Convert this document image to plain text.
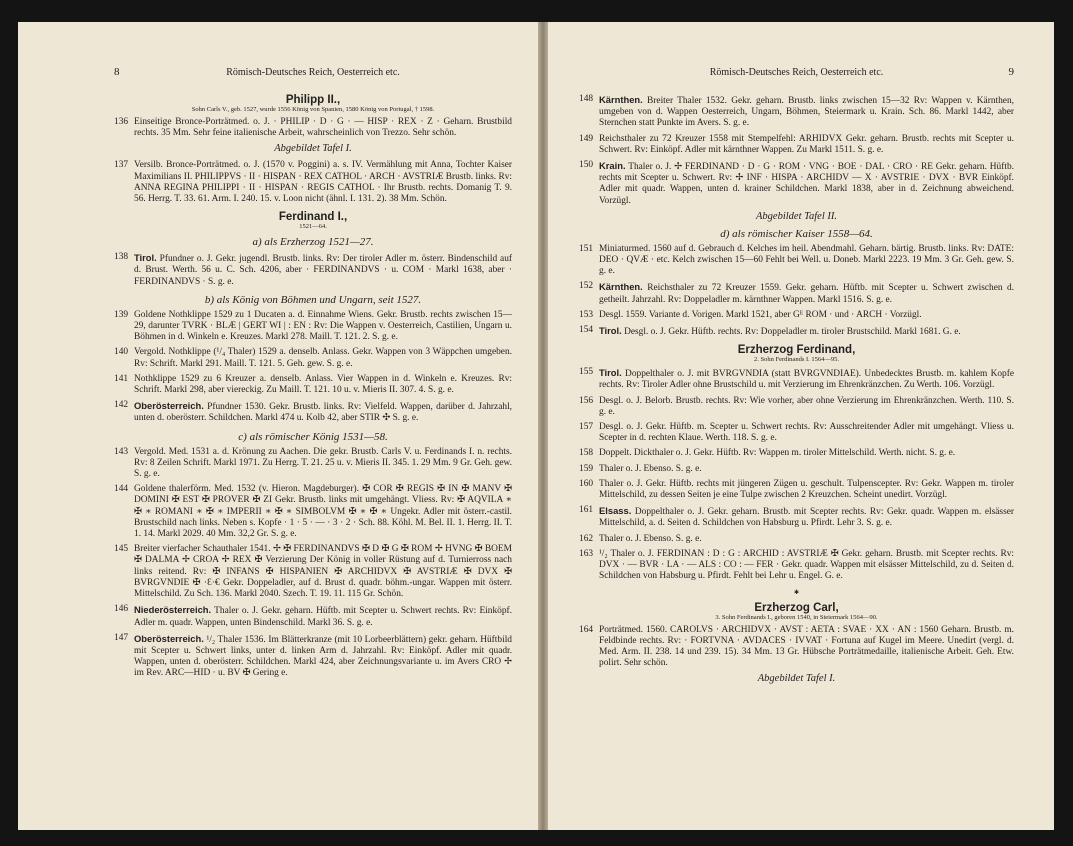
8	Römisch-Deutsches Reich, Oesterreich etc.
Philipp II.,
Sohn Carls V., geb. 1527, wurde 1556 König von Spanien, 1580 König von Portugal, † 1598.
136 Einseitige Bronce-Porträtmed. o. J. · PHILIP · D · G · — HISP · REX · Z · Geharn. Brustbild rechts. 35 Mm. Sehr feine italienische Arbeit, wahrscheinlich von Trezzo. Sehr schön.
Abgebildet Tafel I.
137 Versilb. Bronce-Porträtmed. o. J. (1570 v. Poggini) a. s. IV. Vermählung mit Anna, Tochter Kaiser Maximilians II. PHILIPPVS · II · HISPAN · REX CATHOL · ARCH · AVSTRIÆ Brustb. links. Rv: ANNA REGINA PHILIPPI · II · HISPAN · REGIS CATHOL · Ihr Brustb. rechts. Domanig T. 9. 56. Herrg. T. 33. 61. Arm. I. 240. 15. v. Loon nicht (ähnl. I. 131. 2). 38 Mm. Schön.
Ferdinand I.,
1521—64.
a) als Erzherzog 1521—27.
138 Tirol. Pfundner o. J. Gekr. jugendl. Brustb. links. Rv: Der tiroler Adler m. österr. Bindenschild auf d. Brust. Werth. 56 u. C. Sch. 4206, aber · FERDINANDVS · u. COM · Markl 1638, aber · FERDINANDVS · S. g. e.
b) als König von Böhmen und Ungarn, seit 1527.
139 Goldene Nothklippe 1529 zu 1 Ducaten a. d. Einnahme Wiens. Gekr. Brustb. rechts zwischen 15—29, darunter TVRK · BLÆ | GERT WI | : EN : Rv: Die Wappen v. Oesterreich, Castilien, Ungarn u. Böhmen in d. Winkeln e. Kreuzes. Markl 278. Maill. T. 121. 2. S. g. e.
140 Vergold. Nothklippe (¹/₄ Thaler) 1529 a. denselb. Anlass. Gekr. Wappen von 3 Wäppchen umgeben. Rv: Schrift. Markl 291. Maill. T. 121. 5. Geh. gew. S. g. e.
141 Nothklippe 1529 zu 6 Kreuzer a. denselb. Anlass. Vier Wappen in d. Winkeln e. Kreuzes. Rv: Schrift. Markl 298, aber viereckig. Zu Maill. T. 121. 10 u. v. Mieris II. 307. 4. S. g. e.
142 Oberösterreich. Pfundner 1530. Gekr. Brustb. links. Rv: Vielfeld. Wappen, darüber d. Jahrzahl, unten d. oberösterr. Schildchen. Markl 474 u. Kolb 42, aber STIR ✣ S. g. e.
c) als römischer König 1531—58.
143 Vergold. Med. 1531 a. d. Krönung zu Aachen. Die gekr. Brustb. Carls V. u. Ferdinands I. n. rechts. Rv: 8 Zeilen Schrift. Markl 1971. Zu Herrg. T. 21. 25 u. v. Mieris II. 345. 1. 29 Mm. 9 Gr. Geh. gew. S. g. e.
144 Goldene thalerförm. Med. 1532 (v. Hieron. Magdeburger). ✠ COR ✠ REGIS ✠ IN ✠ MANV ✠ DOMINI ✠ EST ✠ PROVER ✠ ZI Gekr. Brustb. links mit umgehängt. Vliess. Rv: ✠ AQVILA ∗ ✠ ∗ ROMANI ∗ ✠ ∗ IMPERII ∗ ✠ ∗ SIMBOLVM ✠ ∗ ✠ ∗ Ungekr. Adler mit österr.-castil. Brustschild nach links. Neben s. Kopfe · 1 · 5 · — · 3 · 2 · Sch. 88. Köhl. M. Bel. II. 1. Herrg. II. T. 1. 14. Markl 2029. 40 Mm. 32,2 Gr. S. g. e.
145 Breiter vierfacher Schauthaler 1541. ✢ ✠ FERDINANDVS ✠ D ✠ G ✠ ROM ✢ HVNG ✠ BOEM ✠ DALMA ✢ CROA ✢ REX ✠ Verzierung Der König in voller Rüstung auf d. Turnierross nach links reitend. Rv: ✠ INFANS ✠ HISPANIEN ✠ ARCHIDVX ✠ AVSTRIÆ ✠ DVX ✠ BVRGVNDIE ✠ ·Ɛ·€ Gekr. Doppeladler, auf d. Brust d. quadr. böhm.-ungar. Wappen mit österr. Mittelschild. Zu Sch. 136. Markl 2040. Szech. T. 19. 11. 115 Gr. Schön.
146 Niederösterreich. Thaler o. J. Gekr. geharn. Hüftb. mit Scepter u. Schwert rechts. Rv: Einköpf. Adler m. quadr. Wappen, unten Bindenschild. Markl 36. S. g. e.
147 Oberösterreich. ¹/₂ Thaler 1536. Im Blätterkranze (mit 10 Lorbeerblättern) gekr. geharn. Hüftbild mit Scepter u. Schwert links, unter d. linken Arm d. Jahrzahl. Rv: Einköpf. Adler mit quadr. Wappen, unten d. oberösterr. Schildchen. Markl 424, aber Zeichnungsvariante u. im Avers CRO ✢ im Rev. ARC—HID · u. BV ✠ Gering e.
Römisch-Deutsches Reich, Oesterreich etc.	9
148 Kärnthen. Breiter Thaler 1532. Gekr. geharn. Brustb. links zwischen 15—32 Rv: Wappen v. Kärnthen, umgeben von d. Wappen Oesterreich, Ungarn, Böhmen, Steiermark u. Krain. Sch. 86. Markl 1442, aber Sternchen statt Punkte im Avers. S. g. e.
149 Reichsthaler zu 72 Kreuzer 1558 mit Stempelfehl: ARHIDVX Gekr. geharn. Brustb. rechts mit Scepter u. Schwert. Rv: Einköpf. Adler mit kärnthner Wappen. Zu Markl 1511. S. g. e.
150 Krain. Thaler o. J. ✢ FERDINAND · D · G · ROM · VNG · BOE · DAL · CRO · RE Gekr. geharn. Hüftb. rechts mit Scepter u. Schwert. Rv: ✢ INF · HISPA · ARCHIDV — X · AVSTRIE · DVX · BVR Einköpf. Adler mit quadr. Wappen, unten d. krainer Schildchen. Markl 1838, aber in d. Zeichnung abweichend. Vorzügl.
Abgebildet Tafel II.
d) als römischer Kaiser 1558—64.
151 Miniaturmed. 1560 auf d. Gebrauch d. Kelches im heil. Abendmahl. Geharn. bärtig. Brustb. links. Rv: DATE: DEO · QVÆ · etc. Kelch zwischen 15—60 Fehlt bei Well. u. Doneb. Markl 2223. 19 Mm. 3 Gr. Geh. gew. S. g. e.
152 Kärnthen. Reichsthaler zu 72 Kreuzer 1559. Gekr. geharn. Hüftb. mit Scepter u. Schwert zwischen d. getheilt. Jahrzahl. Rv: Doppeladler m. kärnthner Wappen. Markl 1516. S. g. e.
153 Desgl. 1559. Variante d. Vorigen. Markl 1521, aber Gᴱ ROM · und · ARCH · Vorzügl.
154 Tirol. Desgl. o. J. Gekr. Hüftb. rechts. Rv: Doppeladler m. tiroler Brustschild. Markl 1681. G. e.
Erzherzog Ferdinand,
2. Sohn Ferdinands I. 1564—95.
155 Tirol. Doppelthaler o. J. mit BVRGVNDIA (statt BVRGVNDIAE). Unbedecktes Brustb. m. kahlem Kopfe rechts. Rv: Tiroler Adler ohne Brustschild u. mit Verzierung im Ehrenkränzchen. Zu Werth. 106. Vorzügl.
156 Desgl. o. J. Belorb. Brustb. rechts. Rv: Wie vorher, aber ohne Verzierung im Ehrenkränzchen. Werth. 110. S. g. e.
157 Desgl. o. J. Gekr. Hüftb. m. Scepter u. Schwert rechts. Rv: Ausschreitender Adler mit umgehängt. Vliess u. Scepter in d. rechten Klaue. Werth. 118. S. g. e.
158 Doppelt. Dickthaler o. J. Gekr. Hüftb. Rv: Wappen m. tiroler Mittelschild. Werth. nicht. S. g. e.
159 Thaler o. J. Ebenso. S. g. e.
160 Thaler o. J. Gekr. Hüftb. rechts mit jüngeren Zügen u. geschult. Tulpenscepter. Rv: Gekr. Wappen m. tiroler Mittelschild, zu dessen Seiten je eine Tulpe zwischen 2 Kreuzchen. Scheint unedirt. Vorzügl.
161 Elsass. Doppelthaler o. J. Gekr. geharn. Brustb. mit Scepter rechts. Rv: Gekr. quadr. Wappen m. elsässer Mittelschild, a. d. Seiten d. Schildchen von Habsburg u. Pfirdt. Lehr 3. S. g. e.
162 Thaler o. J. Ebenso. S. g. e.
163 ¹/₂ Thaler o. J. FERDINAN : D : G : ARCHID : AVSTRIÆ ✠ Gekr. geharn. Brustb. mit Scepter rechts. Rv: DVX · — BVR · LA · — ALS : CO : — FER · Gekr. quadr. Wappen mit elsässer Mittelschild, zu d. Seiten d. Schildchen von Habsburg u. Pfirdt. Fehlt bei Lehr u. Engel. G. e.
✱
Erzherzog Carl,
3. Sohn Ferdinands I., geboren 1540, in Steiermark 1564—90.
164 Porträtmed. 1560. CAROLVS · ARCHIDVX · AVST : AETA : SVAE · XX · AN : 1560 Geharn. Brustb. m. Feldbinde rechts. Rv: · FORTVNA · AVDACES · IVVAT · Fortuna auf Kugel im Meere. Unedirt (vergl. d. Med. Arm. II. 238. 14 und 239. 15). 34 Mm. 13 Gr. Hübsche Porträtmedaille, italienische Arbeit. Geh. Etw. polirt. Sehr schön.
Abgebildet Tafel I.
